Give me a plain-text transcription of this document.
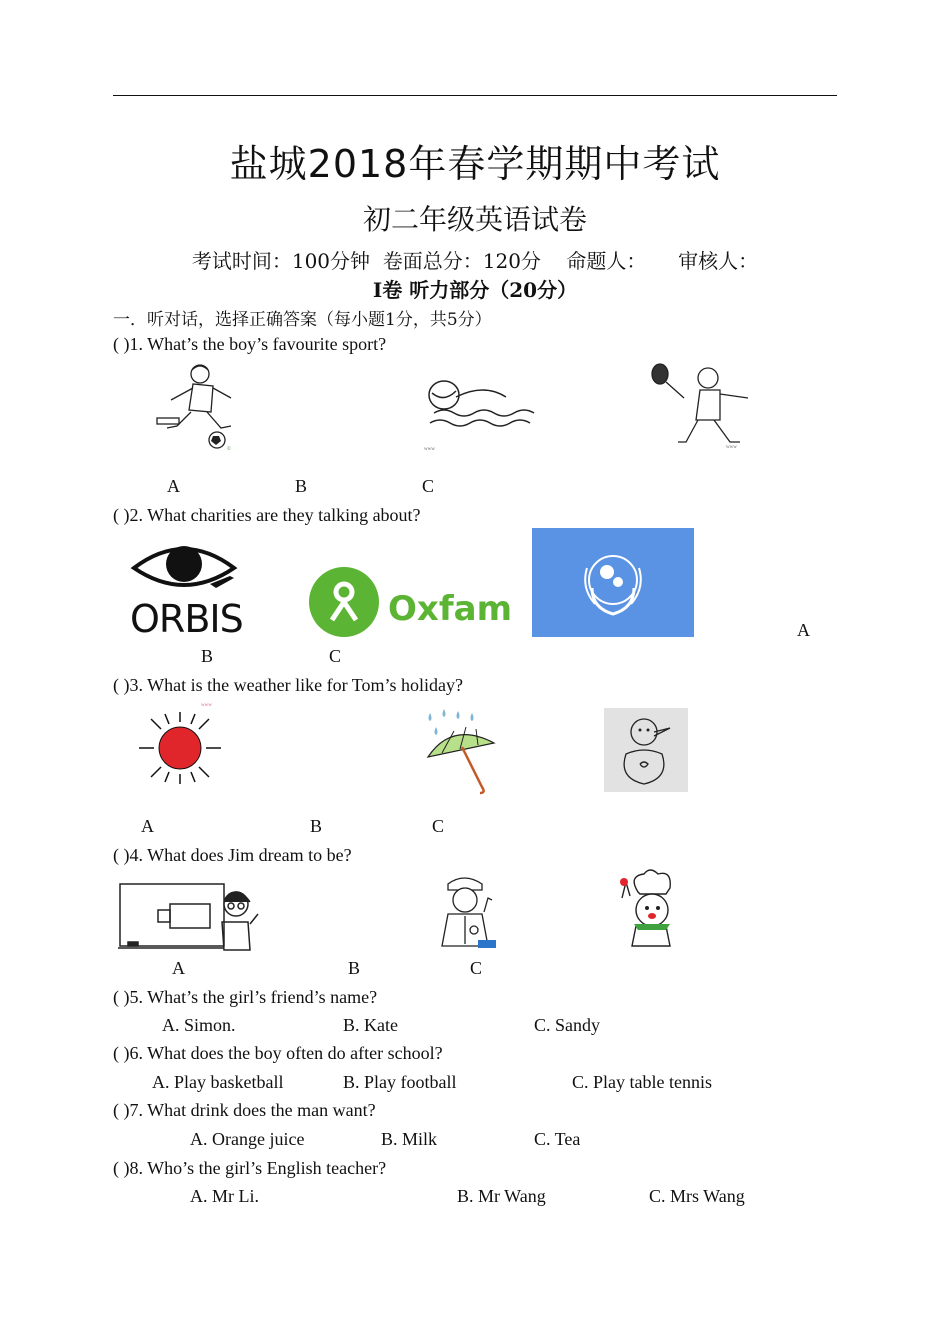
盐城2018年春学期期中考试
初二年级英语试卷
考试时间：100分钟  卷面总分：120分    命题人：     审核人：
Ⅰ卷 听力部分（20分）
一．听对话，选择正确答案（每小题1分，共5分）
( )1. What’s the boy’s favourite sport?
©	www	www
A	B	C
( )2. What charities are they talking about?
ORBIS	Oxfam
A
B	C
( )3. What is the weather like for Tom’s holiday?
www
A	B	C
( )4. What does Jim dream to be?
A	B	C
( )5. What’s the girl’s friend’s name?
A. Simon.	B. Kate	C. Sandy
( )6. What does the boy often do after school?
A. Play basketball	B. Play football	C. Play table tennis
( )7. What drink does the man want?
A. Orange juice	B. Milk	C. Tea
( )8. Who’s the girl’s English teacher?
A. Mr Li.	B. Mr Wang	C. Mrs Wang
